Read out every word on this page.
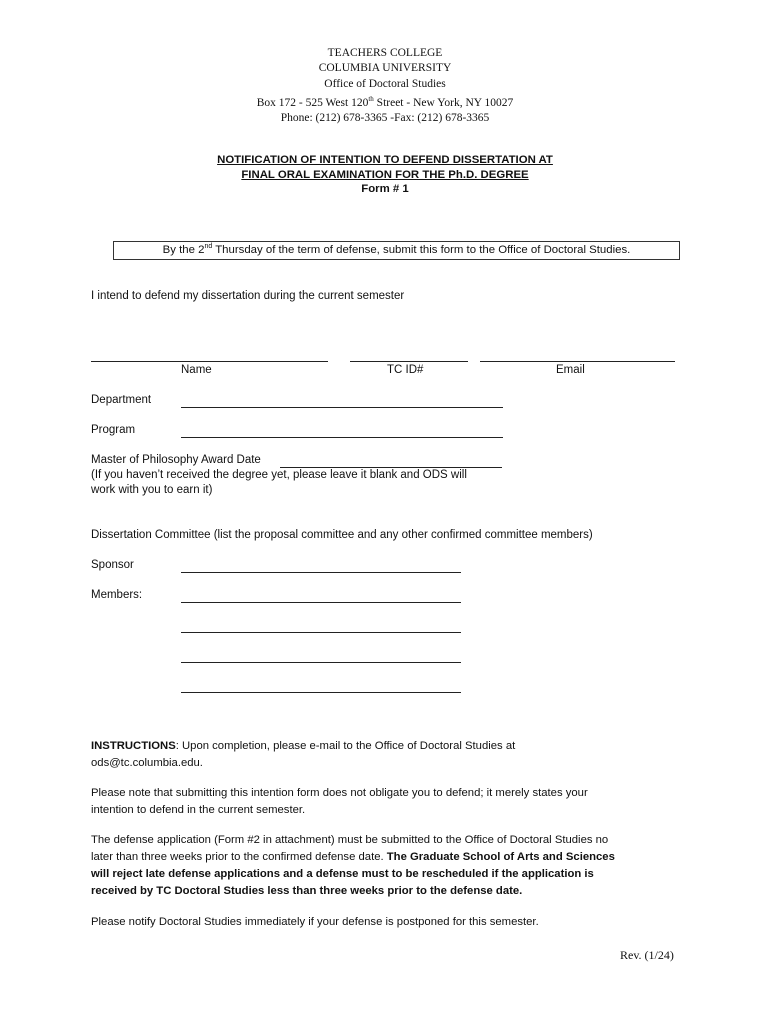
TEACHERS COLLEGE
COLUMBIA UNIVERSITY
Office of Doctoral Studies
Box 172 - 525 West 120th Street - New York, NY 10027
Phone: (212) 678-3365 -Fax: (212) 678-3365
NOTIFICATION OF INTENTION TO DEFEND DISSERTATION AT
FINAL ORAL EXAMINATION FOR THE Ph.D. DEGREE
Form # 1
By the 2nd Thursday of the term of defense, submit this form to the Office of Doctoral Studies.
I intend to defend my dissertation during the current semester
Name	TC ID#	Email
Department
Program
Master of Philosophy Award Date
(If you haven’t received the degree yet, please leave it blank and ODS will
work with you to earn it)
Dissertation Committee (list the proposal committee and any other confirmed committee members)
Sponsor
Members:
INSTRUCTIONS: Upon completion, please e-mail to the Office of Doctoral Studies at
ods@tc.columbia.edu.
Please note that submitting this intention form does not obligate you to defend; it merely states your
intention to defend in the current semester.
The defense application (Form #2 in attachment) must be submitted to the Office of Doctoral Studies no
later than three weeks prior to the confirmed defense date. The Graduate School of Arts and Sciences
will reject late defense applications and a defense must to be rescheduled if the application is
received by TC Doctoral Studies less than three weeks prior to the defense date.
Please notify Doctoral Studies immediately if your defense is postponed for this semester.
Rev. (1/24)
